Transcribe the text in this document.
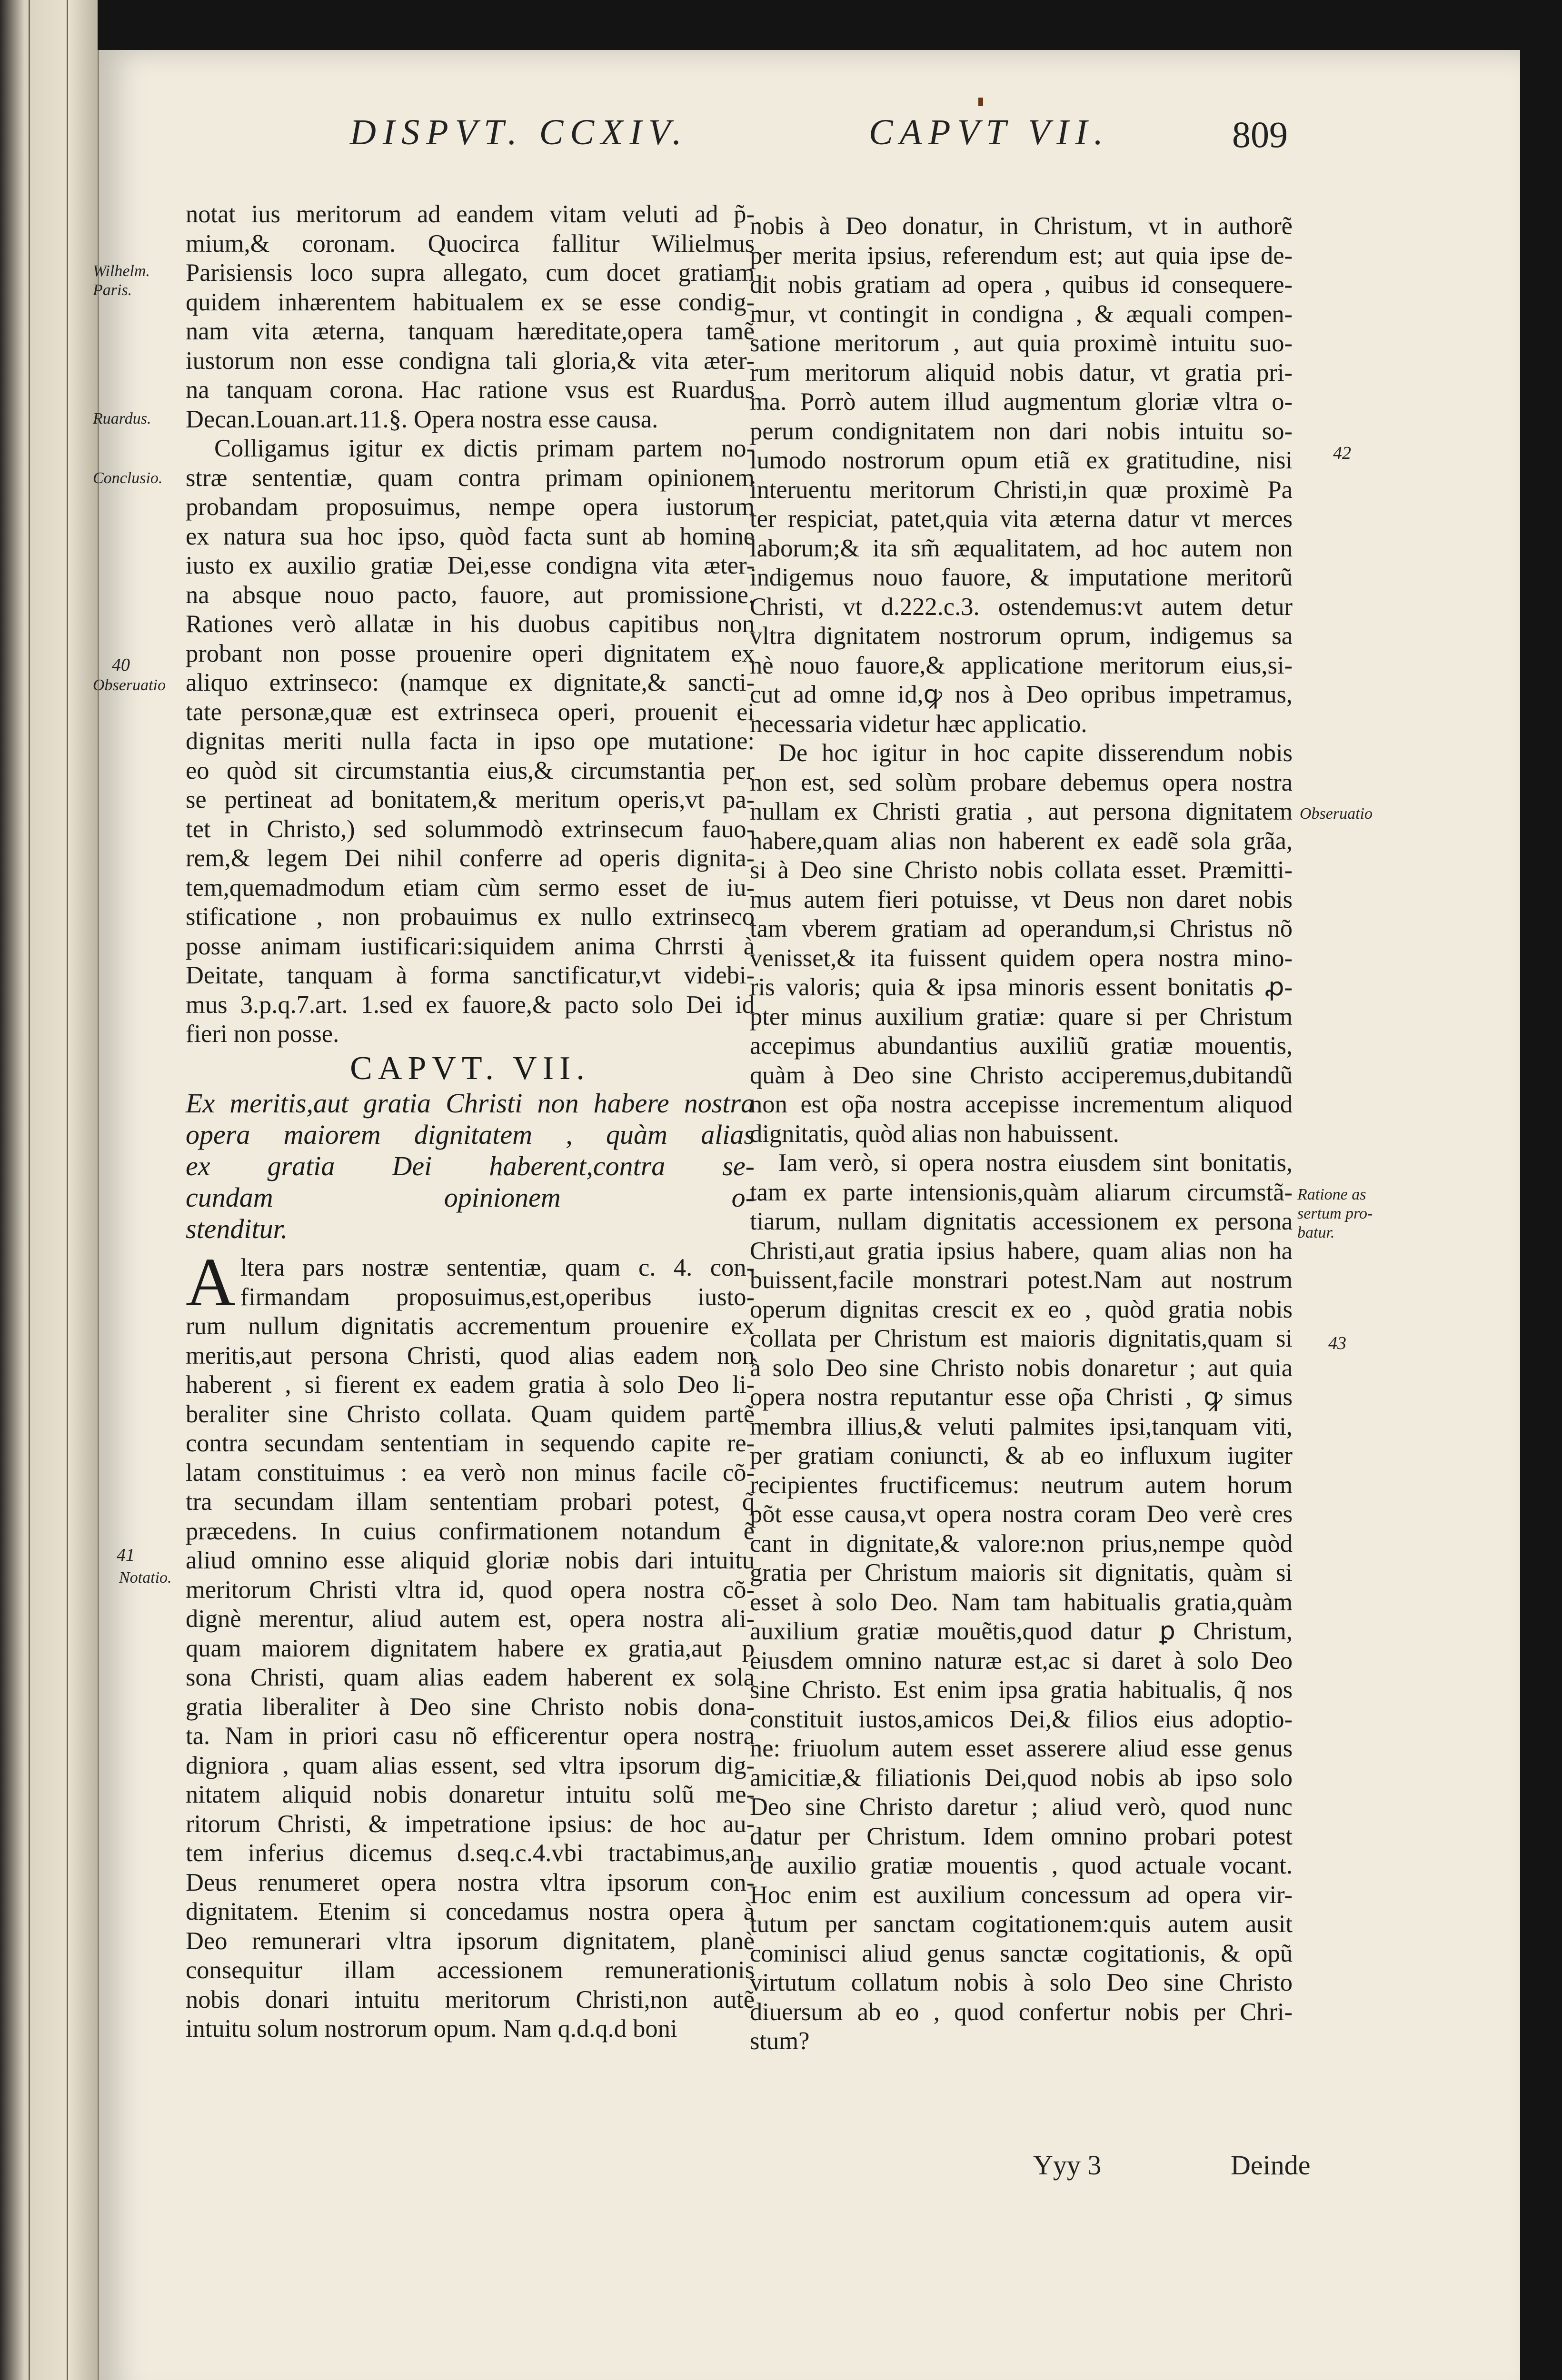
DISPVT. CCXIV.	CAPVT VII.	809

notat ius meritorum ad eandem vitam veluti ad p̃-
mium,& coronam. Quocirca fallitur Wilielmus
Parisiensis loco supra allegato, cum docet gratiam
quidem inhærentem habitualem ex se esse condig-
nam vita æterna, tanquam hæreditate,opera tamẽ
iustorum non esse condigna tali gloria,& vita æter-
na tanquam corona. Hac ratione vsus est Ruardus
Decan.Louan.art.11.§. Opera nostra esse causa.

Colligamus igitur ex dictis primam partem no-
stræ sententiæ, quam contra primam opinionem
probandam proposuimus, nempe opera iustorum
ex natura sua hoc ipso, quòd facta sunt ab homine
iusto ex auxilio gratiæ Dei,esse condigna vita æter-
na absque nouo pacto, fauore, aut promissione.
Rationes verò allatæ in his duobus capitibus non
probant non posse prouenire operi dignitatem ex
aliquo extrinseco: (namque ex dignitate,& sancti-
tate personæ,quæ est extrinseca operi, prouenit ei
dignitas meriti nulla facta in ipso ope mutatione:
eo quòd sit circumstantia eius,& circumstantia per
se pertineat ad bonitatem,& meritum operis,vt pa-
tet in Christo,) sed solummodò extrinsecum fauo-
rem,& legem Dei nihil conferre ad operis dignita-
tem,quemadmodum etiam cùm sermo esset de iu-
stificatione , non probauimus ex nullo extrinseco
posse animam iustificari:siquidem anima Chrrsti à
Deitate, tanquam à forma sanctificatur,vt videbi-
mus 3.p.q.7.art. 1.sed ex fauore,& pacto solo Dei id
fieri non posse.

CAPVT. VII.
Ex meritis,aut gratia Christi non habere nostra
opera maiorem dignitatem , quàm alias
ex gratia Dei haberent,contra se-
cundam opinionem o-
stenditur.

A lterа pars nostræ sententiæ, quam c. 4. con-
firmandam proposuimus,est,operibus iusto-
rum nullum dignitatis accrementum prouenire ex
meritis,aut persona Christi, quod alias eadem non
haberent , si fierent ex eadem gratia à solo Deo li-
beraliter sine Christo collata. Quam quidem partẽ
contra secundam sententiam in sequendo capite re-
latam constituimus : ea verò non minus facile cõ-
tra secundam illam sententiam probari potest, q̃
præcedens. In cuius confirmationem notandum ẽ
aliud omnino esse aliquid gloriæ nobis dari intuitu
meritorum Christi vltra id, quod opera nostra cõ-
dignè merentur, aliud autem est, opera nostra ali-
quam maiorem dignitatem habere ex gratia,aut p
sona Christi, quam alias eadem haberent ex sola
gratia liberaliter à Deo sine Christo nobis dona-
ta. Nam in priori casu nõ efficerentur opera nostra
digniora , quam alias essent, sed vltra ipsorum dig-
nitatem aliquid nobis donaretur intuitu solũ me-
ritorum Christi, & impetratione ipsius: de hoc au-
tem inferius dicemus d.seq.c.4.vbi tractabimus,an
Deus renumeret opera nostra vltra ipsorum con-
dignitatem. Etenim si concedamus nostra opera à
Deo remunerari vltra ipsorum dignitatem, planè
consequitur illam accessionem remunerationis
nobis donari intuitu meritorum Christi,non autẽ
intuitu solum nostrorum opum. Nam q.d.q.d boni

nobis à Deo donatur, in Christum, vt in authorẽ
per merita ipsius, referendum est; aut quia ipse de-
dit nobis gratiam ad opera , quibus id consequere-
mur, vt contingit in condigna , & æquali compen-
satione meritorum , aut quia proximè intuitu suo-
rum meritorum aliquid nobis datur, vt gratia pri-
ma. Porrò autem illud augmentum gloriæ vltra o-
perum condignitatem non dari nobis intuitu so-
lumodo nostrorum opum etiã ex gratitudine, nisi
interuentu meritorum Christi,in quæ proximè Pa
ter respiciat, patet,quia vita æterna datur vt merces
laborum;& ita sm̃ æqualitatem, ad hoc autem non
indigemus nouo fauore, & imputatione meritorũ
Christi, vt d.222.c.3. ostendemus:vt autem detur
vltra dignitatem nostrorum oprum, indigemus sa
nè nouo fauore,& applicatione meritorum eius,si-
cut ad omne id,ꝙ nos à Deo opribus impetramus,
necessaria videtur hæc applicatio.

De hoc igitur in hoc capite disserendum nobis
non est, sed solùm probare debemus opera nostra
nullam ex Christi gratia , aut persona dignitatem
habere,quam alias non haberent ex eadẽ sola grãa,
si à Deo sine Christo nobis collata esset. Præmitti-
mus autem fieri potuisse, vt Deus non daret nobis
tam vberem gratiam ad operandum,si Christus nõ
venisset,& ita fuissent quidem opera nostra mino-
ris valoris; quia & ipsa minoris essent bonitatis ꝓ-
pter minus auxilium gratiæ: quare si per Christum
accepimus abundantius auxiliũ gratiæ mouentis,
quàm à Deo sine Christo acciperemus,dubitandũ
non est op̃a nostra accepisse incrementum aliquod
dignitatis, quòd alias non habuissent.

Iam verò, si opera nostra eiusdem sint bonitatis,
tam ex parte intensionis,quàm aliarum circumstã-
tiarum, nullam dignitatis accessionem ex persona
Christi,aut gratia ipsius habere, quam alias non ha
buissent,facile monstrari potest.Nam aut nostrum
operum dignitas crescit ex eo , quòd gratia nobis
collata per Christum est maioris dignitatis,quam si
à solo Deo sine Christo nobis donaretur ; aut quia
opera nostra reputantur esse op̃a Christi , ꝙ simus
membra illius,& veluti palmites ipsi,tanquam viti,
per gratiam coniuncti, & ab eo influxum iugiter
recipientes fructificemus: neutrum autem horum
põt esse causa,vt opera nostra coram Deo verè cres
cant in dignitate,& valore:non prius,nempe quòd
gratia per Christum maioris sit dignitatis, quàm si
esset à solo Deo. Nam tam habitualis gratia,quàm
auxilium gratiæ mouẽtis,quod datur ꝑ Christum,
eiusdem omnino naturæ est,ac si daret à solo Deo
sine Christo. Est enim ipsa gratia habitualis, q̃ nos
constituit iustos,amicos Dei,& filios eius adoptio-
ne: friuolum autem esset asserere aliud esse genus
amicitiæ,& filiationis Dei,quod nobis ab ipso solo
Deo sine Christo daretur ; aliud verò, quod nunc
datur per Christum. Idem omnino probari potest
de auxilio gratiæ mouentis , quod actuale vocant.
Hoc enim est auxilium concessum ad opera vir-
tutum per sanctam cogitationem:quis autem ausit
cominisci aliud genus sanctæ cogitationis, & opũ
virtutum collatum nobis à solo Deo sine Christo
diuersum ab eo , quod confertur nobis per Chri-
stum?

Wilhelm. Paris.
Ruardus.
Conclusio.
40
Obseruatio
41
Notatio.
42
Obseruatio
Ratione as sertum pro- batur.
43
Yyy 3	Deinde
